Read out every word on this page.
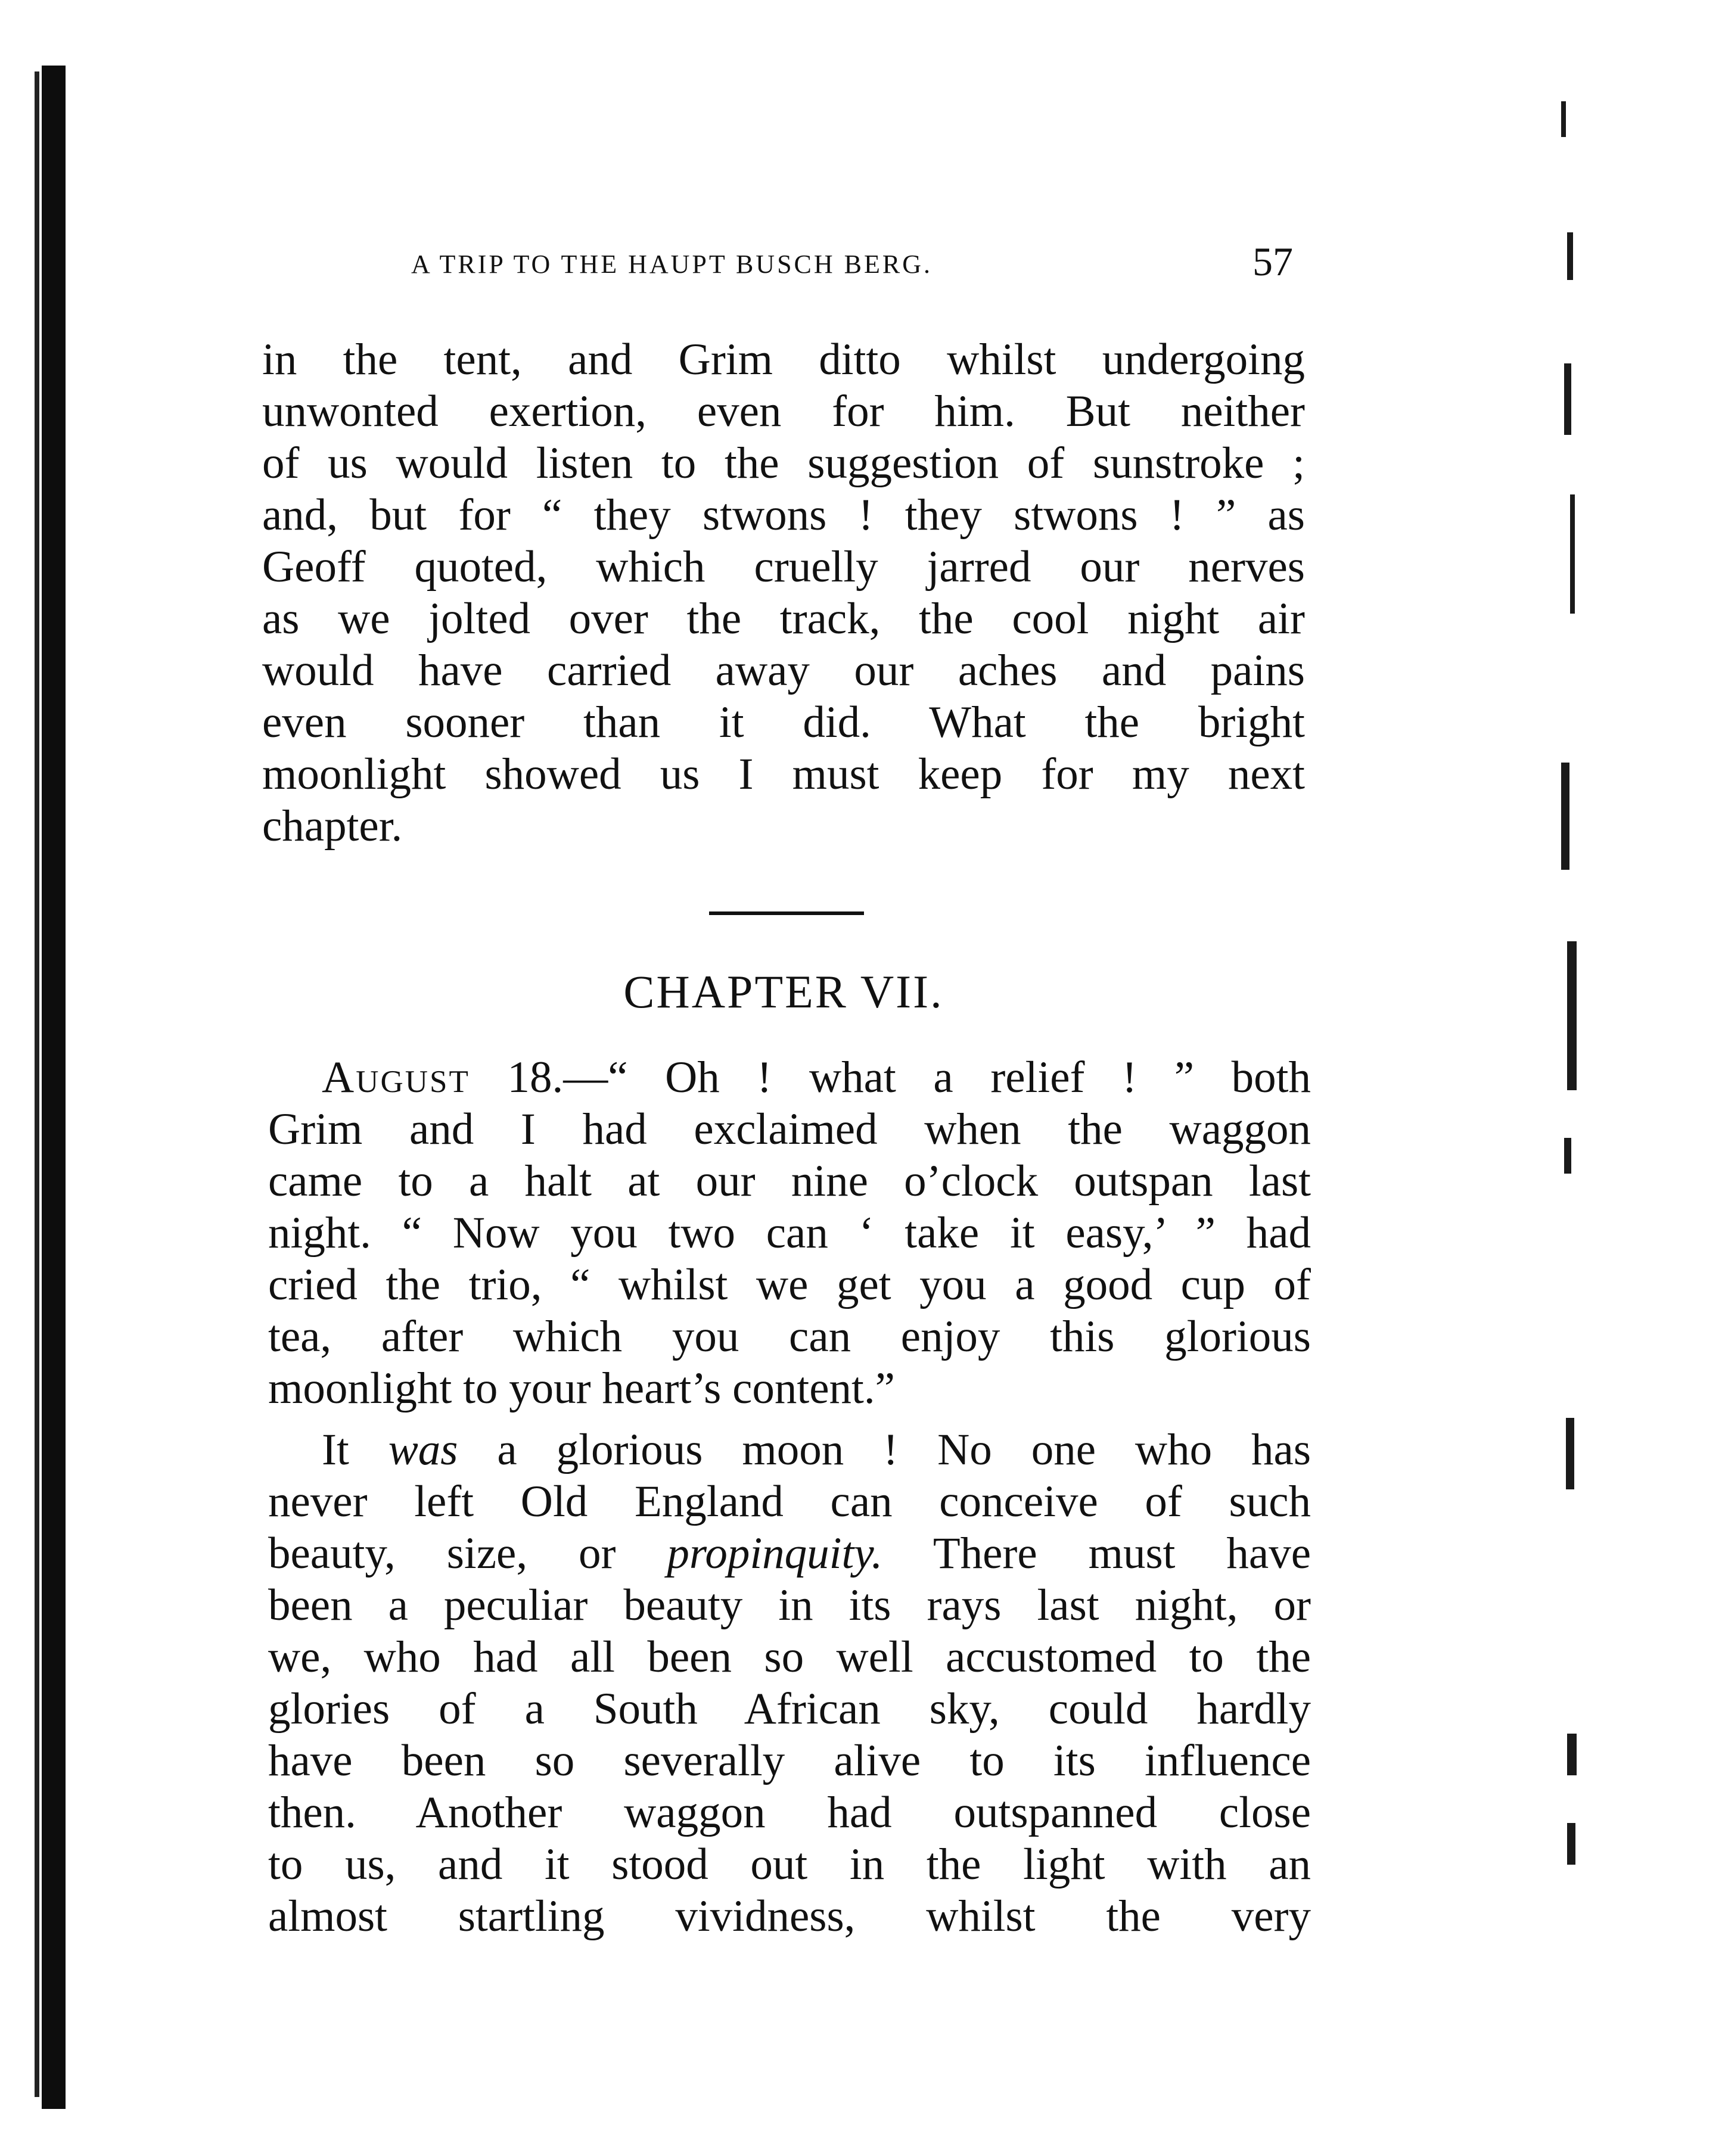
A TRIP TO THE HAUPT BUSCH BERG.	57
in the tent, and Grim ditto whilst undergoing
unwonted exertion, even for him. But neither
of us would listen to the suggestion of sunstroke ;
and, but for “ they stwons ! they stwons ! ” as
Geoff quoted, which cruelly jarred our nerves
as we jolted over the track, the cool night air
would have carried away our aches and pains
even sooner than it did. What the bright
moonlight showed us I must keep for my next
chapter.
CHAPTER VII.
August 18.—“ Oh ! what a relief ! ” both
Grim and I had exclaimed when the waggon
came to a halt at our nine o’clock outspan last
night. “ Now you two can ‘ take it easy,’ ” had
cried the trio, “ whilst we get you a good cup of
tea, after which you can enjoy this glorious
moonlight to your heart’s content.”
It was a glorious moon ! No one who has
never left Old England can conceive of such
beauty, size, or propinquity. There must have
been a peculiar beauty in its rays last night, or
we, who had all been so well accustomed to the
glories of a South African sky, could hardly
have been so severally alive to its influence
then. Another waggon had outspanned close
to us, and it stood out in the light with an
almost startling vividness, whilst the very
